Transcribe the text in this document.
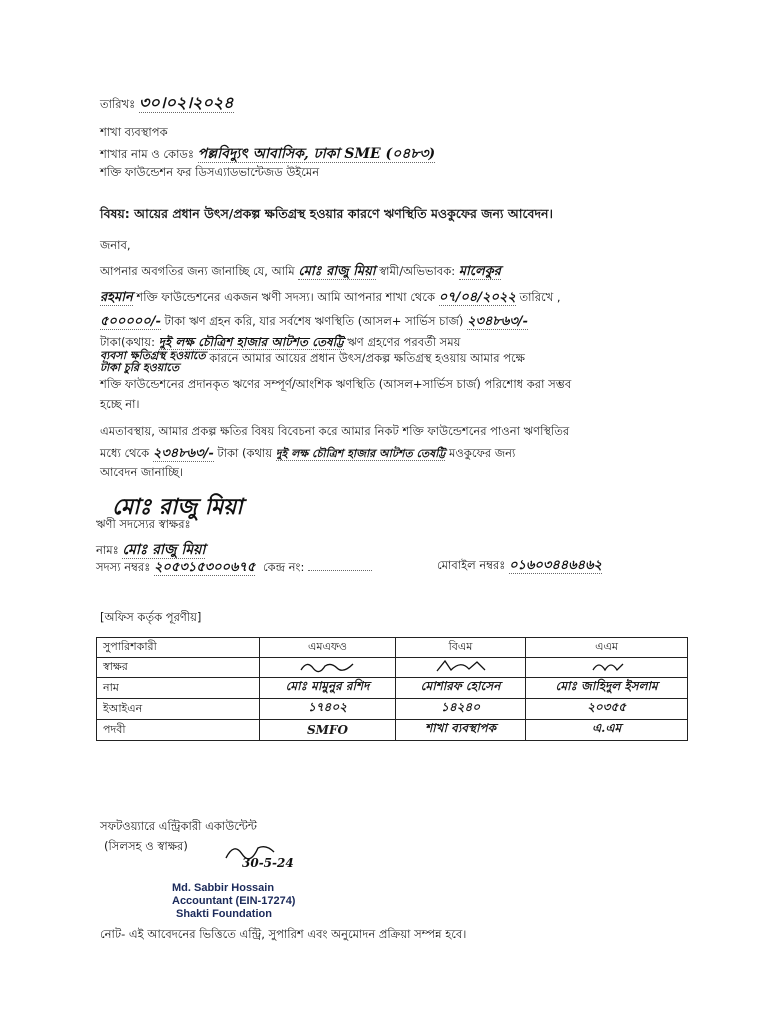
তারিখঃ ৩০।০২।২০২৪
শাখা ব্যবস্থাপক
শাখার নাম ও কোডঃ পল্লবিদ্যুৎ আবাসিক, ঢাকা SME (০৪৮৩)
শক্তি ফাউন্ডেশন ফর ডিসএ্যাডভান্টেজড উইমেন
বিষয়: আয়ের প্রধান উৎস/প্রকল্প ক্ষতিগ্রস্থ হওয়ার কারণে ঋণস্থিতি মওকুফের জন্য আবেদন।
জনাব,
আপনার অবগতির জন্য জানাচ্ছি যে, আমি মোঃ রাজু মিয়া স্বামী/অভিভাবক: মালেকুর
রহমান শক্তি ফাউন্ডেশনের একজন ঋণী সদস্য। আমি আপনার শাখা থেকে ০৭/০৪/২০২২ তারিখে ,
৫০০০০০/- টাকা ঋণ গ্রহন করি, যার সর্বশেষ ঋণস্থিতি (আসল+ সার্ভিস চার্জ) ২৩৪৮৬৩/-
টাকা(কথায়: দুই লক্ষ চৌত্রিশ হাজার আটশত তেষট্টি ঋণ গ্রহণের পরবর্তী সময়
ব্যবসা ক্ষতিগ্রস্থ হওয়াতে
টাকা চুরি হওয়াতে কারনে আমার আয়ের প্রধান উৎস/প্রকল্প ক্ষতিগ্রস্থ হওয়ায় আমার পক্ষে
শক্তি ফাউন্ডেশনের প্রদানকৃত ঋণের সম্পূর্ণ/আংশিক ঋণস্থিতি (আসল+সার্ভিস চার্জ) পরিশোধ করা সম্ভব
হচ্ছে না।
এমতাবস্থায়, আমার প্রকল্প ক্ষতির বিষয় বিবেচনা করে আমার নিকট শক্তি ফাউন্ডেশনের পাওনা ঋণস্থিতির
মধ্যে থেকে ২৩৪৮৬৩/- টাকা (কথায় দুই লক্ষ চৌত্রিশ হাজার আটশত তেষট্টি মওকুফের জন্য
আবেদন জানাচ্ছি।
মোঃ রাজু মিয়া
ঋণী সদস্যের স্বাক্ষরঃ
নামঃ মোঃ রাজু মিয়া
সদস্য নম্বরঃ ২০৫৩১৫৩০০৬৭৫ কেন্দ্র নং:	মোবাইল নম্বরঃ ০১৬০৩৪৪৬৪৬২
[অফিস কর্তৃক পূরণীয়]
সুপারিশকারী	এমএফও	বিএম	এএম
স্বাক্ষর			
নাম	মোঃ মামুনুর রশিদ	মোশারফ হোসেন	মোঃ জাহিদুল ইসলাম
ইআইএন	১৭৪০২	১৪২৪০	২০৩৫৫
পদবী	SMFO	শাখা ব্যবস্থাপক	এ.এম
সফটওয়্যারে এন্ট্রিকারী একাউন্টেন্ট
(সিলসহ ও স্বাক্ষর)
30-5-24
Md. Sabbir Hossain
Accountant (EIN-17274)
Shakti Foundation
নোট- এই আবেদনের ভিত্তিতে এন্ট্রি, সুপারিশ এবং অনুমোদন প্রক্রিয়া সম্পন্ন হবে।
